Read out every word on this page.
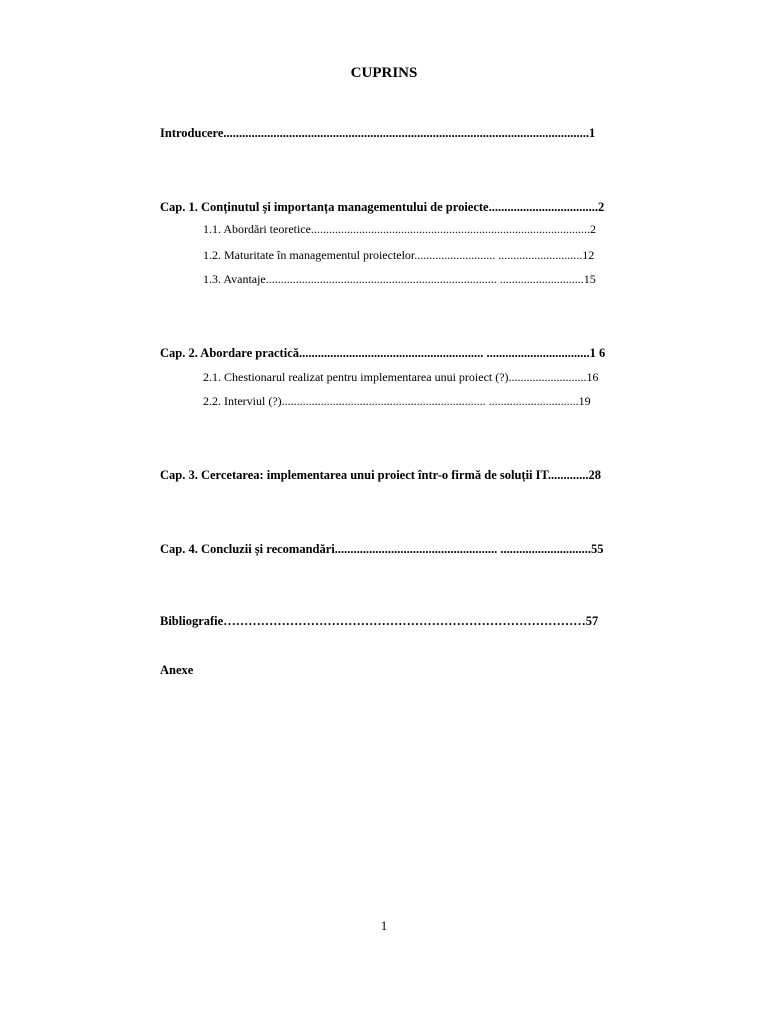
CUPRINS
Introducere.....................................................................................................................1
Cap. 1. Conținutul și importanța managementului de proiecte...................................2
1.1. Abordări teoretice.............................................................................................2
1.2. Maturitate în managementul proiectelor........................... ............................12
1.3. Avantaje............................................................................. ............................15
Cap. 2. Abordare practică........................................................... .................................1 6
2.1. Chestionarul realizat pentru implementarea unui proiect (?)..........................16
2.2. Interviul (?).................................................................... ..............................19
Cap. 3. Cercetarea: implementarea unui proiect într-o firmă de soluții IT.............28
Cap. 4. Concluzii și recomandări.................................................... .............................55
Bibliografie……………………………………………………………………………57
Anexe
1
